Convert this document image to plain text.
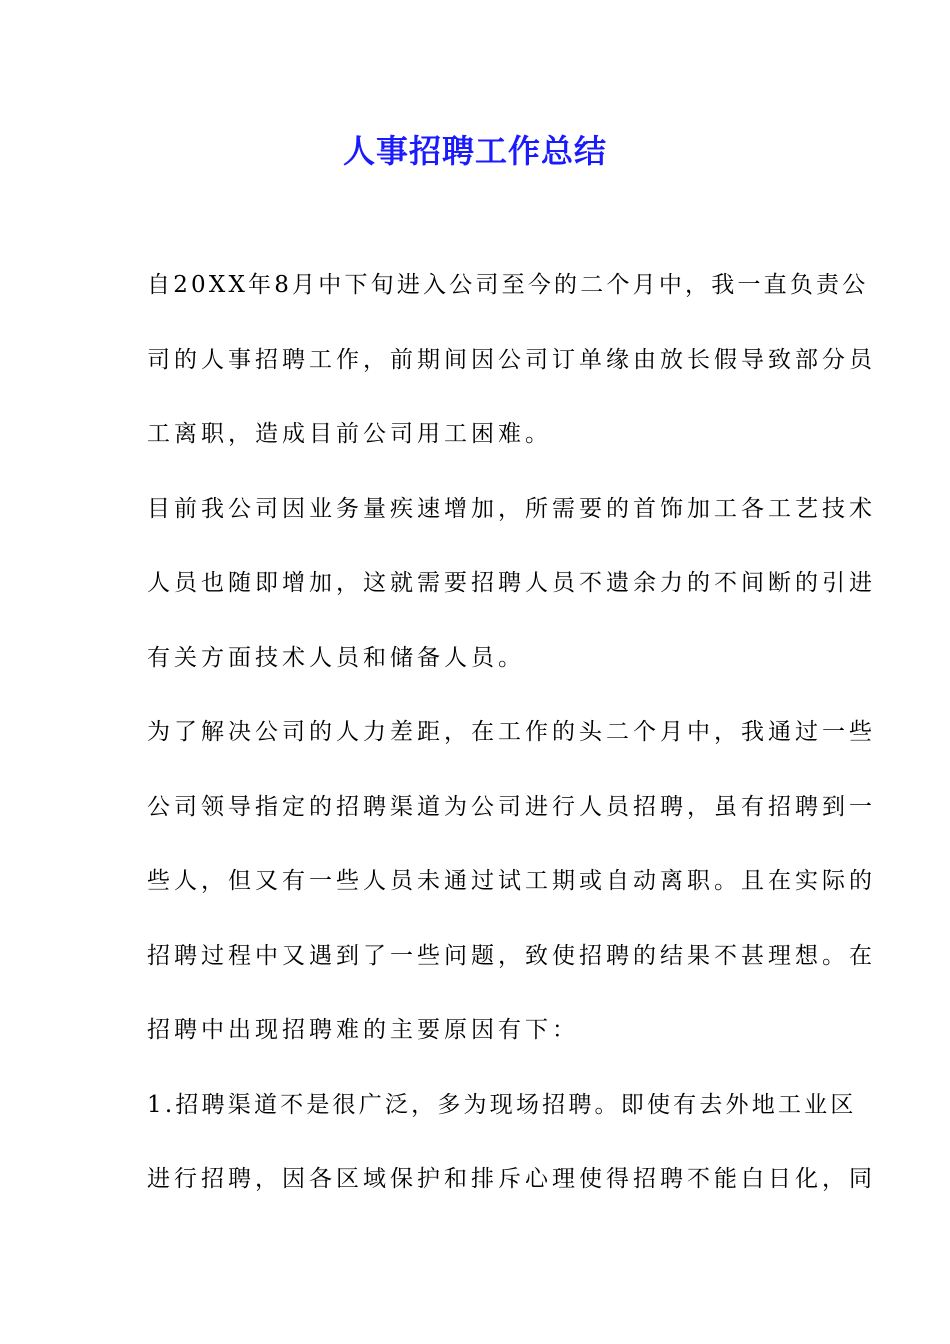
人事招聘工作总结
自20XX年8月中下旬进入公司至今的二个月中，我一直负责公
司的人事招聘工作，前期间因公司订单缘由放长假导致部分员
工离职，造成目前公司用工困难。
目前我公司因业务量疾速增加，所需要的首饰加工各工艺技术
人员也随即增加，这就需要招聘人员不遗余力的不间断的引进
有关方面技术人员和储备人员。
为了解决公司的人力差距，在工作的头二个月中，我通过一些
公司领导指定的招聘渠道为公司进行人员招聘，虽有招聘到一
些人，但又有一些人员未通过试工期或自动离职。且在实际的
招聘过程中又遇到了一些问题，致使招聘的结果不甚理想。在
招聘中出现招聘难的主要原因有下：
1.招聘渠道不是很广泛，多为现场招聘。即使有去外地工业区
进行招聘，因各区域保护和排斥心理使得招聘不能白日化，同
